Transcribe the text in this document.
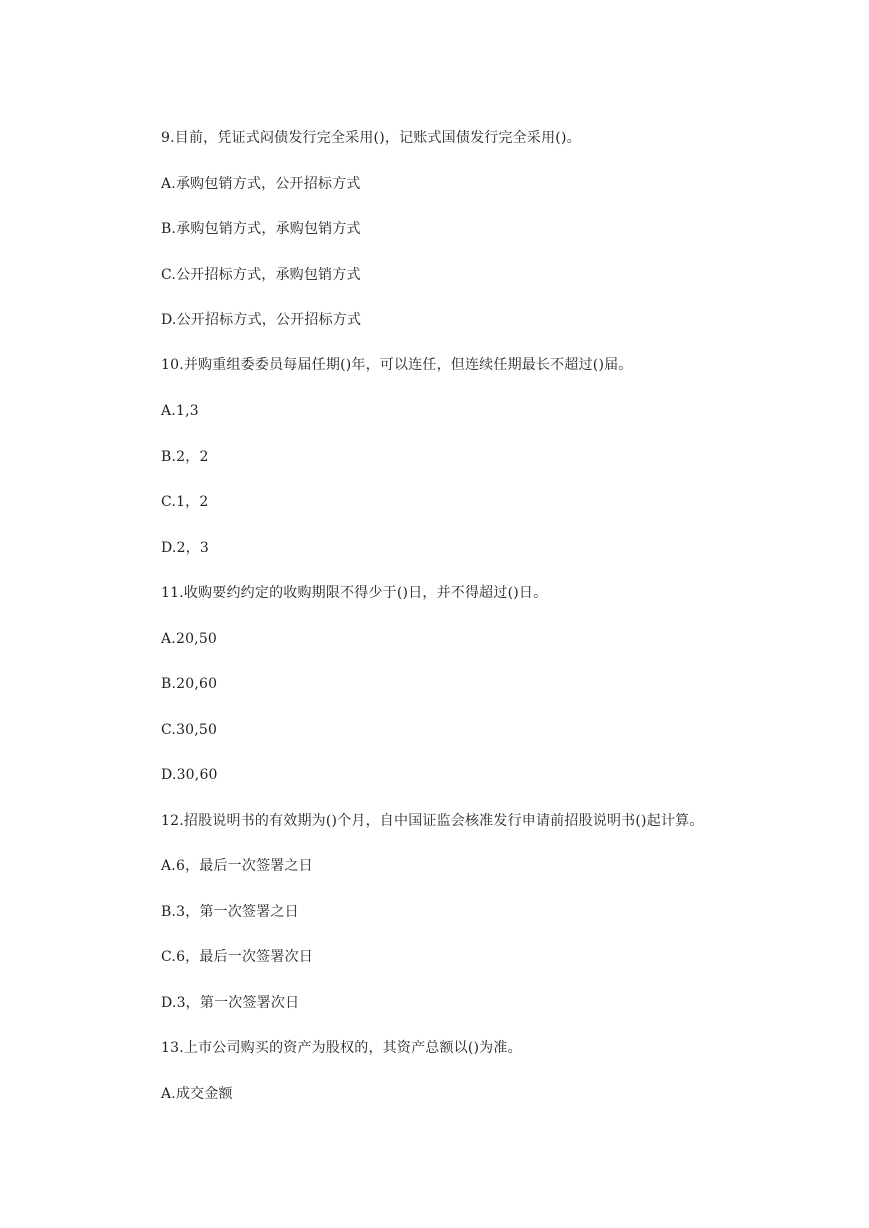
9.目前，凭证式闷债发行完全采用()，记账式国债发行完全采用()。
A.承购包销方式，公开招标方式
B.承购包销方式，承购包销方式
C.公开招标方式，承购包销方式
D.公开招标方式，公开招标方式
10.并购重组委委员每届任期()年，可以连任，但连续任期最长不超过()届。
A.1,3
B.2，2
C.1，2
D.2，3
11.收购要约约定的收购期限不得少于()日，并不得超过()日。
A.20,50
B.20,60
C.30,50
D.30,60
12.招股说明书的有效期为()个月，自中国证监会核准发行申请前招股说明书()起计算。
A.6，最后一次签署之日
B.3，第一次签署之日
C.6，最后一次签署次日
D.3，第一次签署次日
13.上市公司购买的资产为股权的，其资产总额以()为准。
A.成交金额
